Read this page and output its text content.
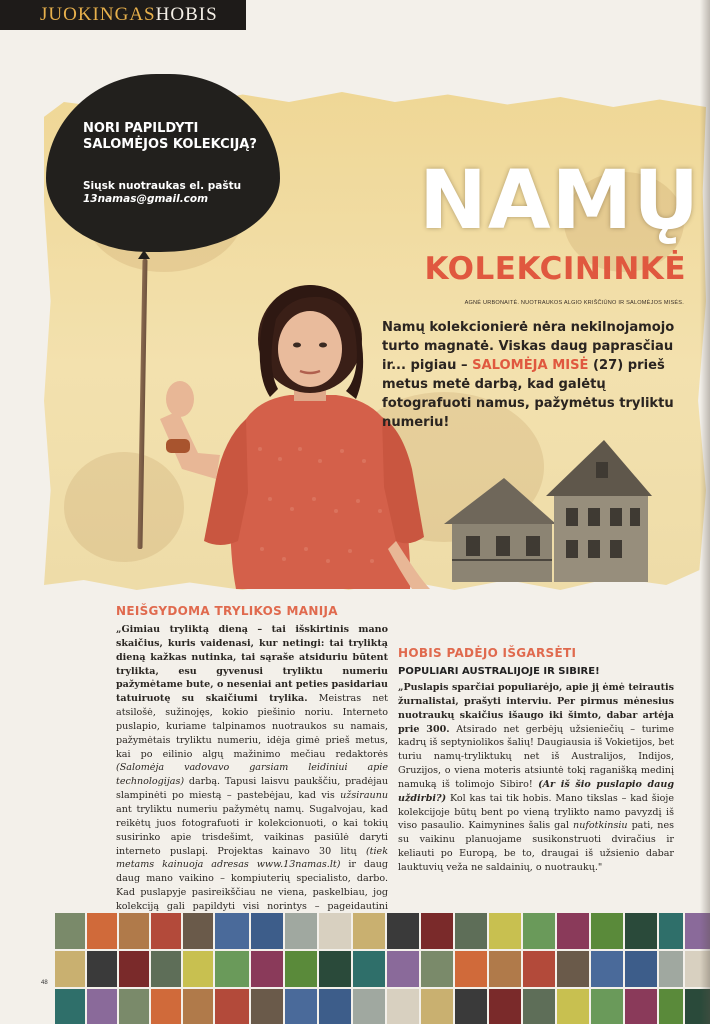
JUOKINGASHOBIS
NORI PAPILDYTI SALOMĖJOS KOLEKCIJĄ?
Siųsk nuotraukas el. paštu
13namas@gmail.com	NAMŲ
KOLEKCININKĖ
AGNĖ URBONAITĖ. NUOTRAUKOS ALGIO KRIŠČIŪNO IR SALOMĖJOS MISĖS.
Namų kolekcionierė nėra nekilnojamojo turto magnatė. Viskas daug paprasčiau ir... pigiau – SALOMĖJA MISĖ (27) prieš metus metė darbą, kad galėtų fotografuoti namus, pažymėtus tryliktu numeriu!
NEIŠGYDOMA TRYLIKOS MANIJA

„Gimiau tryliktą dieną – tai išskirtinis mano skaičius, kuris vaidenasi, kur netingi: tai tryliktą dieną kažkas nutinka, tai sąraše atsiduriu būtent trylikta, esu gyvenusi tryliktu numeriu pažymėtame bute, o neseniai ant peties pasidariau tatuiruotę su skaičiumi trylika. Meistras net atsilošė, sužinojęs, kokio piešinio noriu. Interneto puslapio, kuriame talpinamos nuotraukos su namais, pažymėtais tryliktu numeriu, idėja gimė prieš metus, kai po eilinio algų mažinimo mečiau redaktorės (Salomėja vadovavo garsiam leidiniui apie technologijas) darbą. Tapusi laisvu paukščiu, pradėjau slampinėti po miestą – pastebėjau, kad vis užsiraunu ant tryliktu numeriu pažymėtų namų. Sugalvojau, kad reikėtų juos fotografuoti ir kolekcionuoti, o kai tokių susirinko apie trisdešimt, vaikinas pasiūlė daryti interneto puslapį. Projektas kainavo 30 litų (tiek metams kainuoja adresas www.13namas.lt) ir daug daug mano vaikino – kompiuterių specialisto, darbo. Kad puslapyje pasireikščiau ne viena, paskelbiau, jog kolekciją gali papildyti visi norintys – pageidautini

HOBIS PADĖJO IŠGARSĖTI
POPULIARI AUSTRALIJOJE IR SIBIRE!

„Puslapis sparčiai populiarėjo, apie jį ėmė teirautis žurnalistai, prašyti interviu. Per pirmus mėnesius nuotraukų skaičius išaugo iki šimto, dabar artėja prie 300. Atsirado net gerbėjų užsieniečių – turime kadrų iš septyniolikos šalių! Daugiausia iš Vokietijos, bet turiu namų-tryliktukų net iš Australijos, Indijos, Gruzijos, o viena moteris atsiuntė tokį raganišką medinį namuką iš tolimojo Sibiro! (Ar iš šio puslapio daug uždirbi?) Kol kas tai tik hobis. Mano tikslas – kad šioje kolekcijoje būtų bent po vieną tryliktо namo pavyzdį iš viso pasaulio. Kaimynines šalis gal nufotkinsiu pati, nes su vaikinu planuojame susikonstruoti dviračius ir keliauti po Europą, be to, draugai iš užsienio dabar lauktuvių veža ne saldainių, o nuotraukų."

48
